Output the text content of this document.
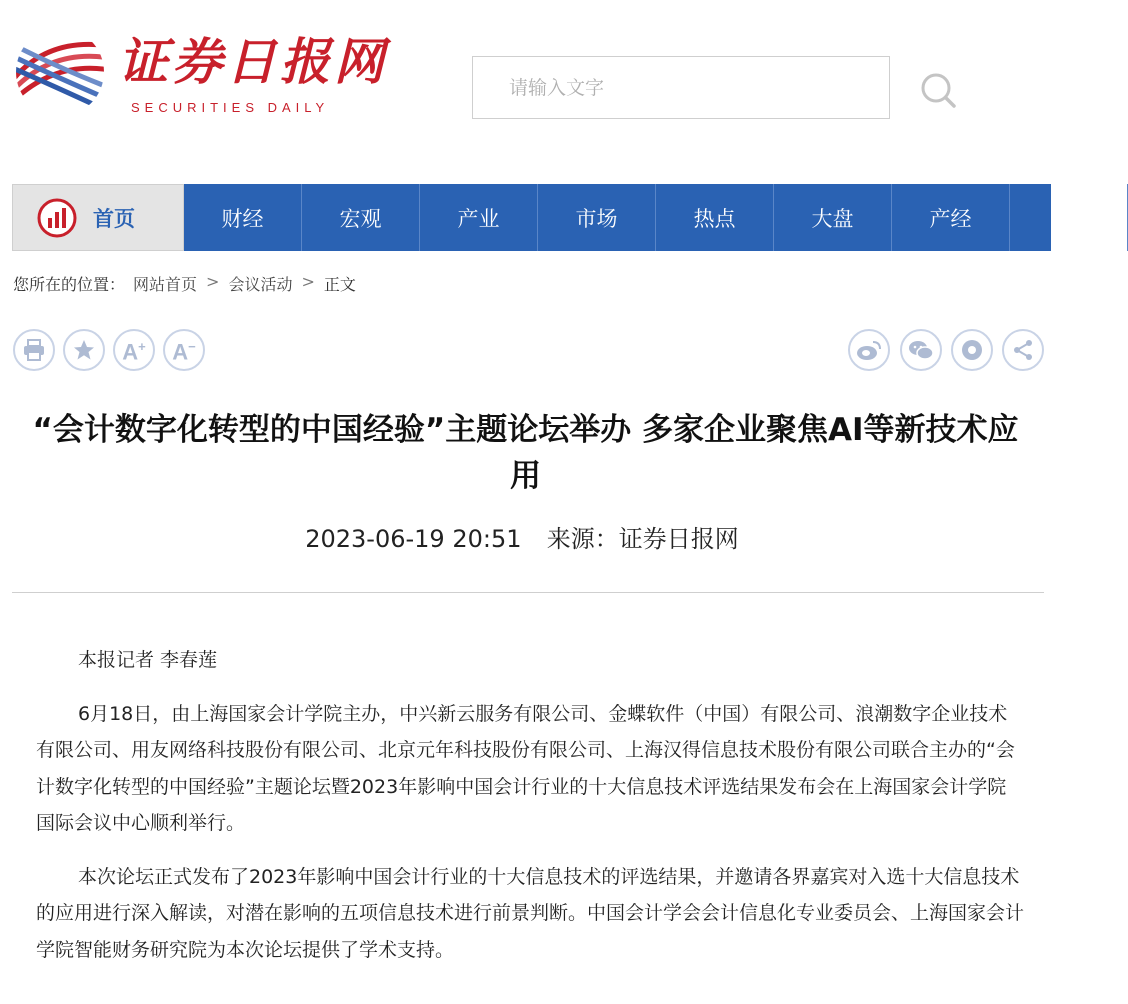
证券日报网
SECURITIES DAILY
请输入文字
首页	财经	宏观	产业	市场	热点	大盘	产经	科
您所在的位置： 网站首页 > 会议活动 > 正文
A+ A−
“会计数字化转型的中国经验”主题论坛举办 多家企业聚焦AI等新技术应用
2023-06-19 20:51 来源：证券日报网

本报记者 李春莲

6月18日，由上海国家会计学院主办，中兴新云服务有限公司、金蝶软件（中国）有限公司、浪潮数字企业技术有限公司、用友网络科技股份有限公司、北京元年科技股份有限公司、上海汉得信息技术股份有限公司联合主办的“会计数字化转型的中国经验”主题论坛暨2023年影响中国会计行业的十大信息技术评选结果发布会在上海国家会计学院国际会议中心顺利举行。

本次论坛正式发布了2023年影响中国会计行业的十大信息技术的评选结果，并邀请各界嘉宾对入选十大信息技术的应用进行深入解读，对潜在影响的五项信息技术进行前景判断。中国会计学会会计信息化专业委员会、上海国家会计学院智能财务研究院为本次论坛提供了学术支持。
